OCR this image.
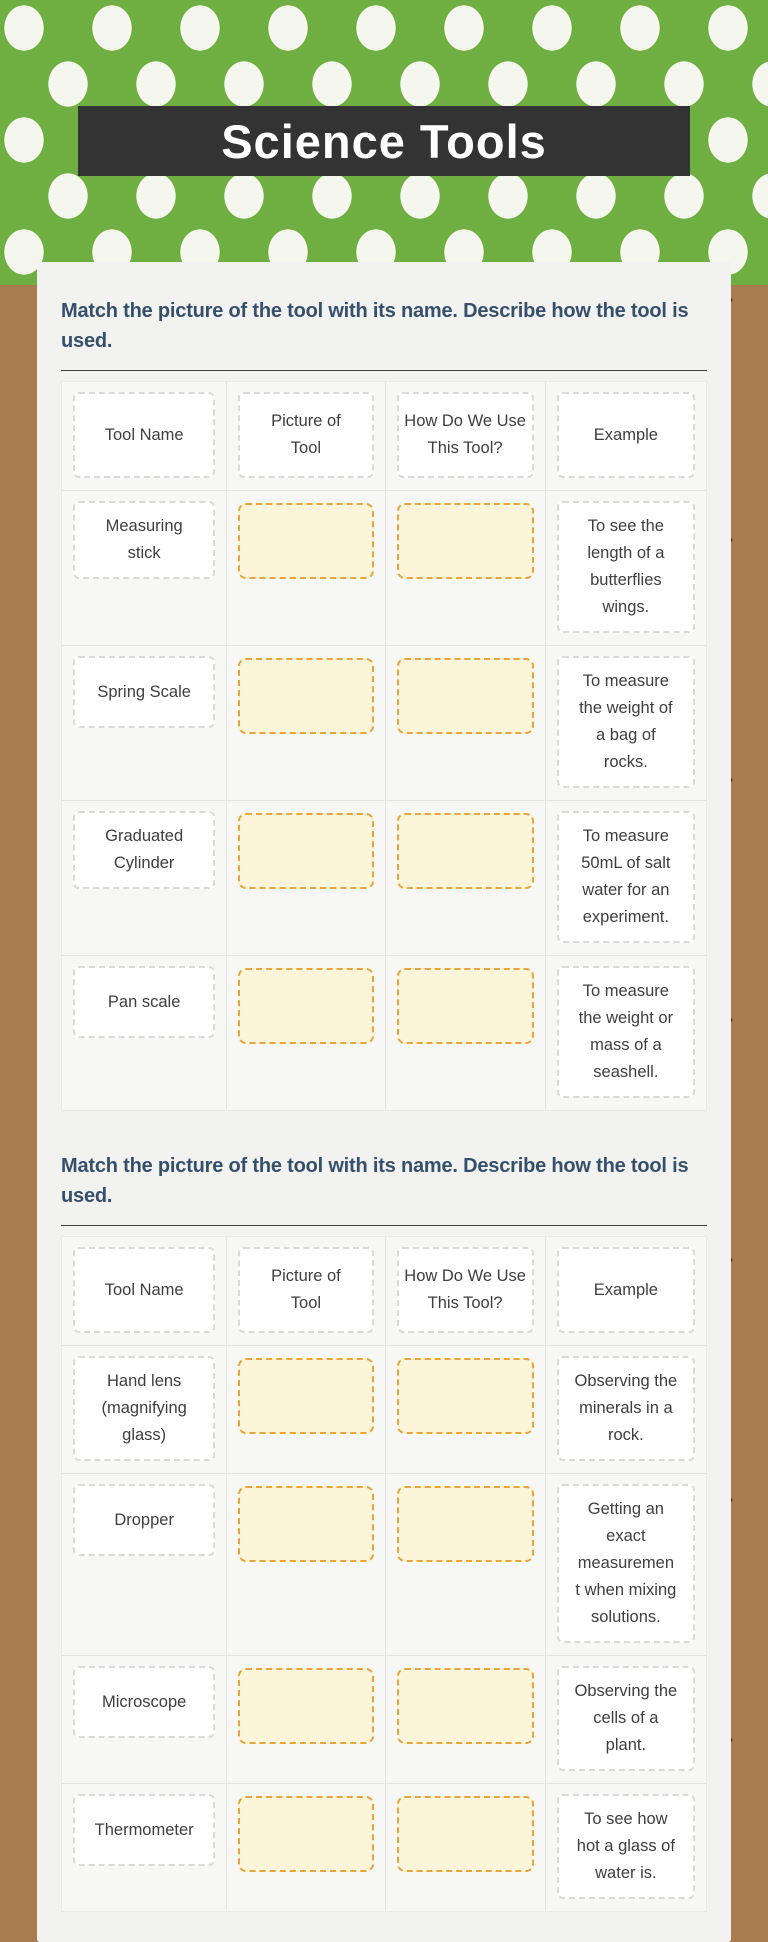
Science Tools
Match the picture of the tool with its name. Describe how the tool is used.
Tool Name
Picture of Tool
How Do We Use This Tool?
Example
Measuring stick
To see the length of a butterflies wings.
Spring Scale
To measure the weight of a bag of rocks.
Graduated Cylinder
To measure 50mL of salt water for an experiment.
Pan scale
To measure the weight or mass of a seashell.
Match the picture of the tool with its name. Describe how the tool is used.
Tool Name
Picture of Tool
How Do We Use This Tool?
Example
Hand lens (magnifying glass)
Observing the minerals in a rock.
Dropper
Getting an exact measuremen t when mixing solutions.
Microscope
Observing the cells of a plant.
Thermometer
To see how hot a glass of water is.
